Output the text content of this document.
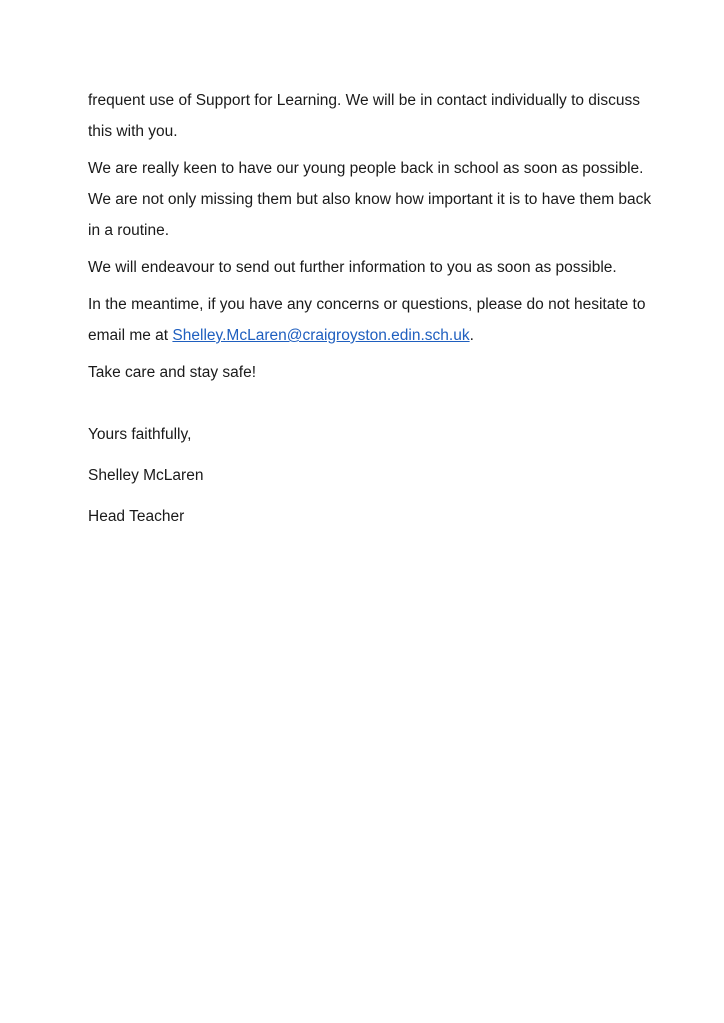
frequent use of Support for Learning. We will be in contact individually to discuss this with you.

We are really keen to have our young people back in school as soon as possible. We are not only missing them but also know how important it is to have them back in a routine.

We will endeavour to send out further information to you as soon as possible.

In the meantime, if you have any concerns or questions, please do not hesitate to email me at Shelley.McLaren@craigroyston.edin.sch.uk.

Take care and stay safe!

Yours faithfully,

Shelley McLaren

Head Teacher
